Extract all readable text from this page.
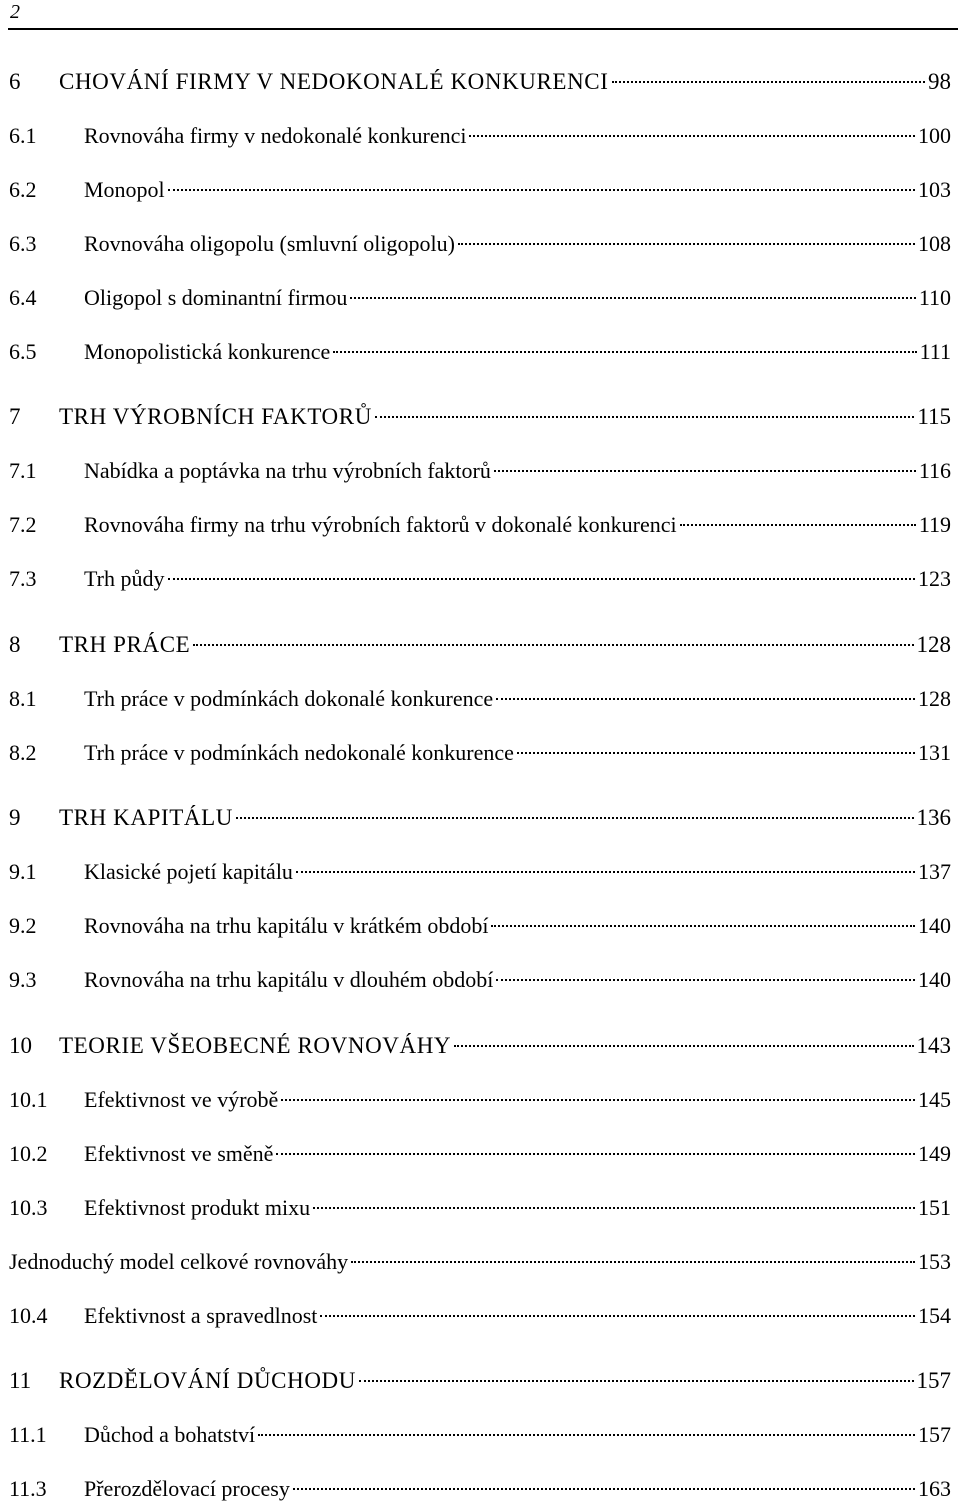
2
6	CHOVÁNÍ FIRMY V NEDOKONALÉ KONKURENCI	98
6.1	Rovnováha firmy v nedokonalé konkurenci	100
6.2	Monopol	103
6.3	Rovnováha oligopolu (smluvní oligopolu)	108
6.4	Oligopol s dominantní firmou	110
6.5	Monopolistická konkurence	111
7	TRH VÝROBNÍCH FAKTORŮ	115
7.1	Nabídka a poptávka na trhu výrobních faktorů	116
7.2	Rovnováha firmy na trhu výrobních faktorů v dokonalé konkurenci	119
7.3	Trh půdy	123
8	TRH PRÁCE	128
8.1	Trh práce v podmínkách dokonalé konkurence	128
8.2	Trh práce v podmínkách nedokonalé konkurence	131
9	TRH KAPITÁLU	136
9.1	Klasické pojetí kapitálu	137
9.2	Rovnováha na trhu kapitálu v krátkém období	140
9.3	Rovnováha na trhu kapitálu v dlouhém období	140
10	TEORIE VŠEOBECNÉ ROVNOVÁHY	143
10.1	Efektivnost ve výrobě	145
10.2	Efektivnost ve směně	149
10.3	Efektivnost produkt mixu	151
Jednoduchý model celkové rovnováhy	153
10.4	Efektivnost a spravedlnost	154
11	ROZDĚLOVÁNÍ DŮCHODU	157
11.1	Důchod a bohatství	157
11.3	Přerozdělovací procesy	163
